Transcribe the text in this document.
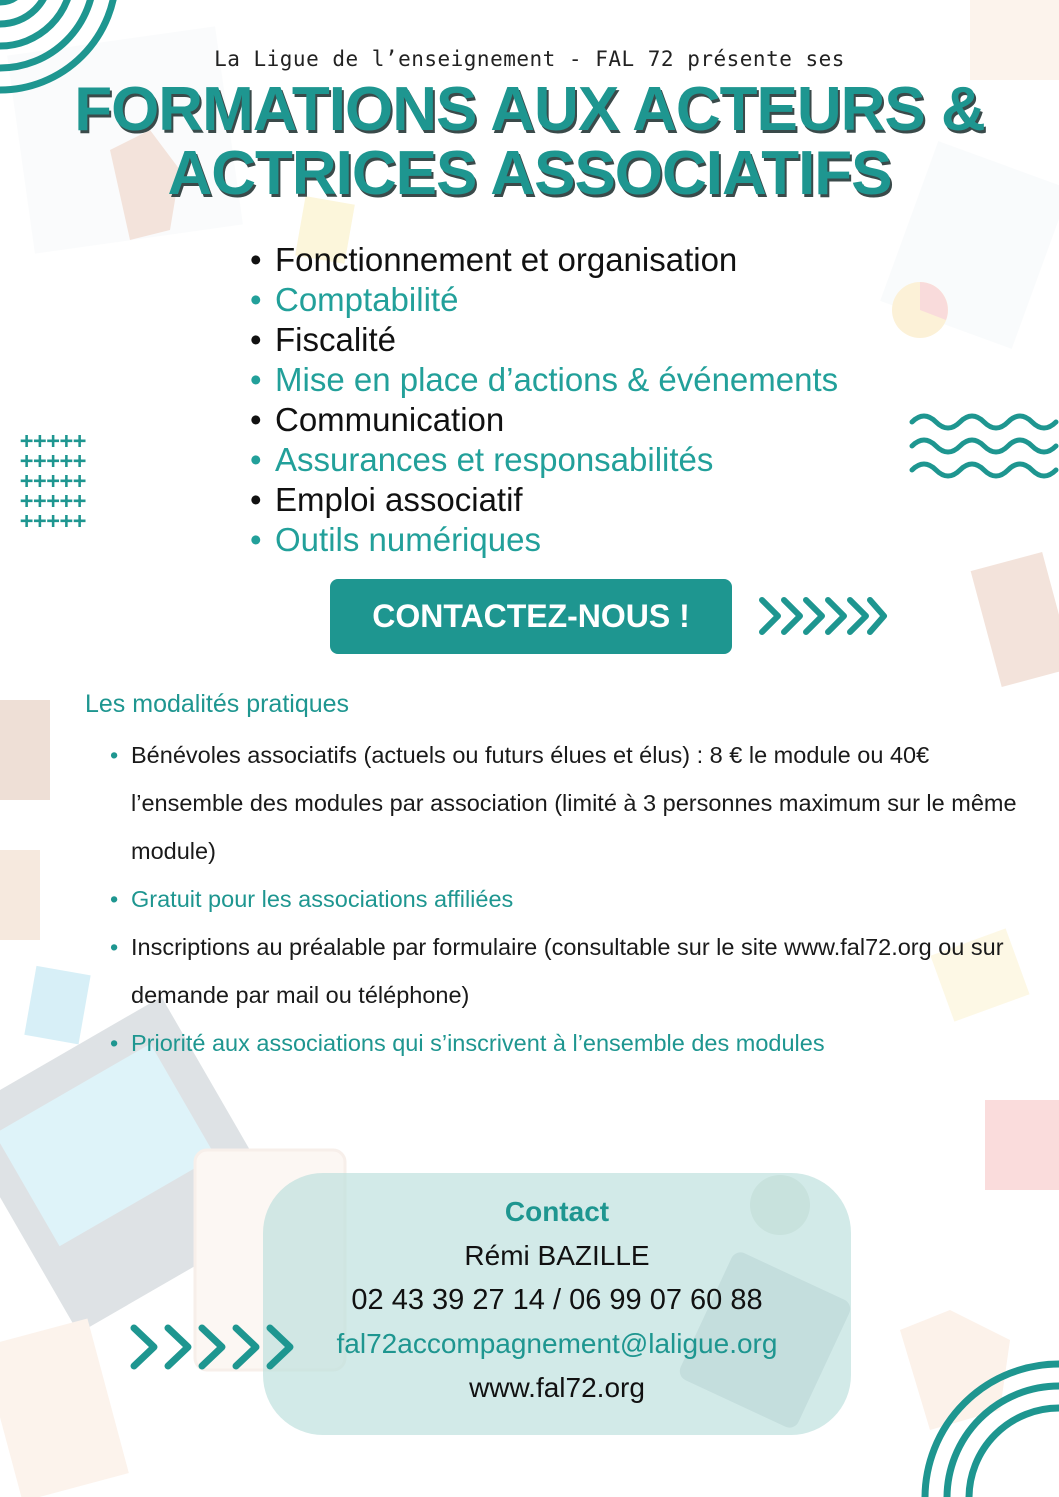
+++++
+++++
+++++
+++++
+++++
La Ligue de l’enseignement - FAL 72 présente ses
FORMATIONS AUX ACTEURS &
ACTRICES ASSOCIATIFS
• Fonctionnement et organisation
• Comptabilité
• Fiscalité
• Mise en place d’actions & événements
• Communication
• Assurances et responsabilités
• Emploi associatif
• Outils numériques
CONTACTEZ-NOUS !
Les modalités pratiques
• Bénévoles associatifs (actuels ou futurs élues et élus) : 8 € le module ou 40€ l’ensemble des modules par association (limité à 3 personnes maximum sur le même module)
• Gratuit pour les associations affiliées
• Inscriptions au préalable par formulaire (consultable sur le site www.fal72.org ou sur demande par mail ou téléphone)
• Priorité aux associations qui s’inscrivent à l’ensemble des modules
Contact
Rémi BAZILLE
02 43 39 27 14 / 06 99 07 60 88
fal72accompagnement@laligue.org
www.fal72.org
